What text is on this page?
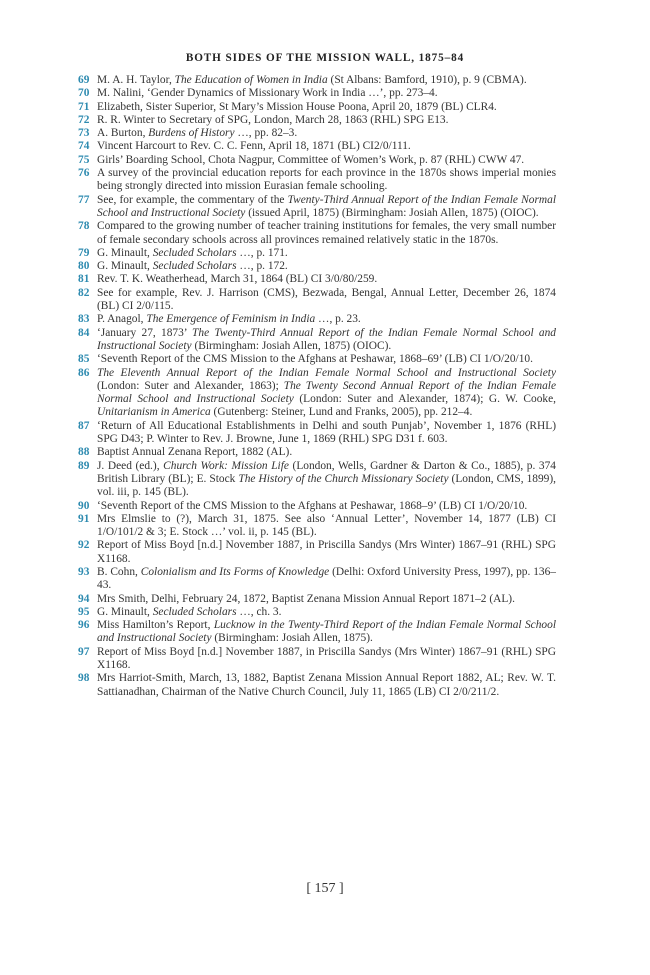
BOTH SIDES OF THE MISSION WALL, 1875–84
69 M. A. H. Taylor, The Education of Women in India (St Albans: Bamford, 1910), p. 9 (CBMA).
70 M. Nalini, ‘Gender Dynamics of Missionary Work in India …’, pp. 273–4.
71 Elizabeth, Sister Superior, St Mary’s Mission House Poona, April 20, 1879 (BL) CLR4.
72 R. R. Winter to Secretary of SPG, London, March 28, 1863 (RHL) SPG E13.
73 A. Burton, Burdens of History …, pp. 82–3.
74 Vincent Harcourt to Rev. C. C. Fenn, April 18, 1871 (BL) CI2/0/111.
75 Girls’ Boarding School, Chota Nagpur, Committee of Women’s Work, p. 87 (RHL) CWW 47.
76 A survey of the provincial education reports for each province in the 1870s shows imperial monies being strongly directed into mission Eurasian female schooling.
77 See, for example, the commentary of the Twenty-Third Annual Report of the Indian Female Normal School and Instructional Society (issued April, 1875) (Birmingham: Josiah Allen, 1875) (OIOC).
78 Compared to the growing number of teacher training institutions for females, the very small number of female secondary schools across all provinces remained relatively static in the 1870s.
79 G. Minault, Secluded Scholars …, p. 171.
80 G. Minault, Secluded Scholars …, p. 172.
81 Rev. T. K. Weatherhead, March 31, 1864 (BL) CI 3/0/80/259.
82 See for example, Rev. J. Harrison (CMS), Bezwada, Bengal, Annual Letter, December 26, 1874 (BL) CI 2/0/115.
83 P. Anagol, The Emergence of Feminism in India …, p. 23.
84 ‘January 27, 1873’ The Twenty-Third Annual Report of the Indian Female Normal School and Instructional Society (Birmingham: Josiah Allen, 1875) (OIOC).
85 ‘Seventh Report of the CMS Mission to the Afghans at Peshawar, 1868–69’ (LB) CI 1/O/20/10.
86 The Eleventh Annual Report of the Indian Female Normal School and Instructional Society (London: Suter and Alexander, 1863); The Twenty Second Annual Report of the Indian Female Normal School and Instructional Society (London: Suter and Alexander, 1874); G. W. Cooke, Unitarianism in America (Gutenberg: Steiner, Lund and Franks, 2005), pp. 212–4.
87 ‘Return of All Educational Establishments in Delhi and south Punjab’, November 1, 1876 (RHL) SPG D43; P. Winter to Rev. J. Browne, June 1, 1869 (RHL) SPG D31 f. 603.
88 Baptist Annual Zenana Report, 1882 (AL).
89 J. Deed (ed.), Church Work: Mission Life (London, Wells, Gardner & Darton & Co., 1885), p. 374 British Library (BL); E. Stock The History of the Church Missionary Society (London, CMS, 1899), vol. iii, p. 145 (BL).
90 ‘Seventh Report of the CMS Mission to the Afghans at Peshawar, 1868–9’ (LB) CI 1/O/20/10.
91 Mrs Elmslie to (?), March 31, 1875. See also ‘Annual Letter’, November 14, 1877 (LB) CI 1/O/101/2 & 3; E. Stock …’ vol. ii, p. 145 (BL).
92 Report of Miss Boyd [n.d.] November 1887, in Priscilla Sandys (Mrs Winter) 1867–91 (RHL) SPG X1168.
93 B. Cohn, Colonialism and Its Forms of Knowledge (Delhi: Oxford University Press, 1997), pp. 136–43.
94 Mrs Smith, Delhi, February 24, 1872, Baptist Zenana Mission Annual Report 1871–2 (AL).
95 G. Minault, Secluded Scholars …, ch. 3.
96 Miss Hamilton’s Report, Lucknow in the Twenty-Third Report of the Indian Female Normal School and Instructional Society (Birmingham: Josiah Allen, 1875).
97 Report of Miss Boyd [n.d.] November 1887, in Priscilla Sandys (Mrs Winter) 1867–91 (RHL) SPG X1168.
98 Mrs Harriot-Smith, March, 13, 1882, Baptist Zenana Mission Annual Report 1882, AL; Rev. W. T. Sattianadhan, Chairman of the Native Church Council, July 11, 1865 (LB) CI 2/0/211/2.
[ 157 ]
